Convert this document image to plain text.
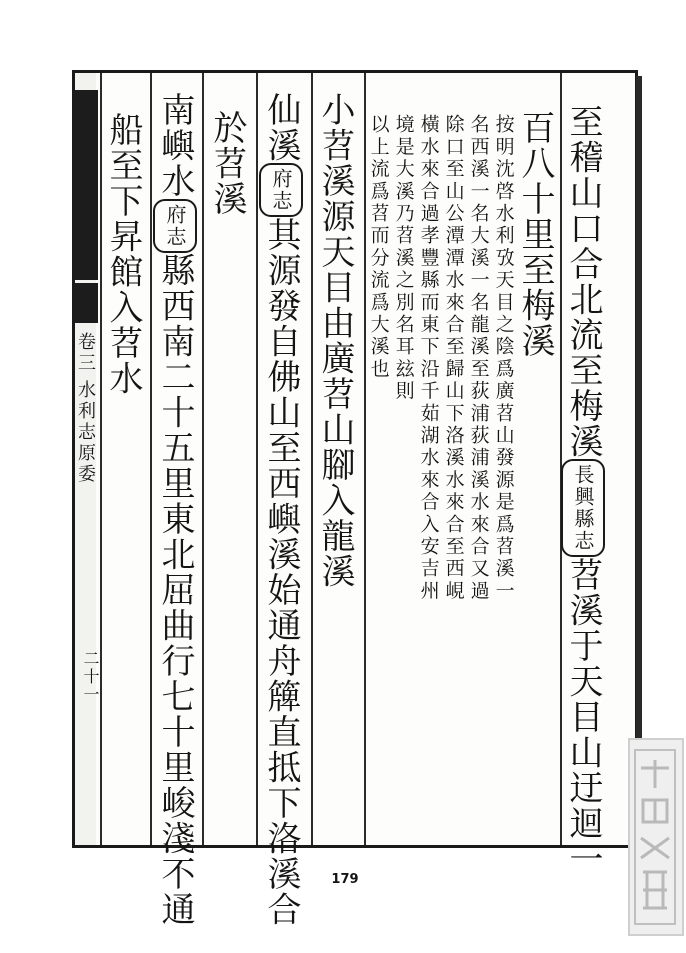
卷三
水利志原委
二十一
至稽山口合北流至梅溪長興縣志苕溪于天目山迂迴一
百八十里至梅溪
按明沈啓水利攷天目之陰爲廣苕山發源是爲苕溪一
名西溪一名大溪一名龍溪至荻浦荻浦溪水來合又過
除口至山公潭潭水來合至歸山下洛溪水來合至西峴
橫水來合過孝豐縣而東下沿千茹湖水來合入安吉州
境是大溪乃苕溪之別名耳玆則
以上流爲苕而分流爲大溪也
小苕溪源天目由廣苕山腳入龍溪
仙溪府志其源發自佛山至西嶼溪始通舟簰直抵下洛溪合
於苕溪
南嶼水府志縣西南二十五里東北屈曲行七十里峻淺不通
船至下昇館入苕水
179
